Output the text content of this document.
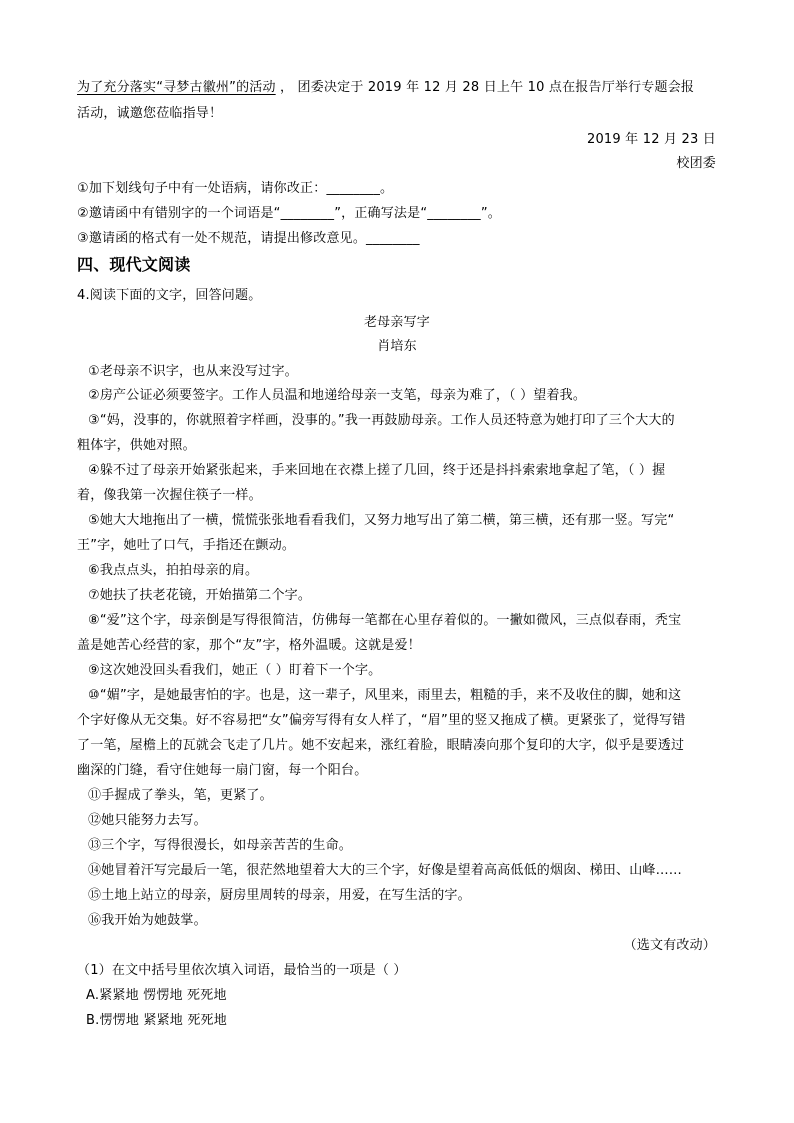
为了充分落实“寻梦古徽州”的活动 ， 团委决定于 2019 年 12 月 28 日上午 10 点在报告厅举行专题会报
活动，诚邀您莅临指导！
2019 年 12 月 23 日
校团委
①加下划线句子中有一处语病，请你改正：________。
②邀请函中有错别字的一个词语是“________”，正确写法是“________”。
③邀请函的格式有一处不规范，请提出修改意见。________
四、现代文阅读
4.阅读下面的文字，回答问题。
老母亲写字
肖培东
①老母亲不识字，也从来没写过字。
②房产公证必须要签字。工作人员温和地递给母亲一支笔，母亲为难了，（ ）望着我。
③“妈，没事的，你就照着字样画，没事的。”我一再鼓励母亲。工作人员还特意为她打印了三个大大的
粗体字，供她对照。
④躲不过了母亲开始紧张起来，手来回地在衣襟上搓了几回，终于还是抖抖索索地拿起了笔，（ ）握
着，像我第一次握住筷子一样。
⑤她大大地拖出了一横，慌慌张张地看看我们，又努力地写出了第二横，第三横，还有那一竖。写完“
王”字，她吐了口气，手指还在颤动。
⑥我点点头，拍拍母亲的肩。
⑦她扶了扶老花镜，开始描第二个字。
⑧“爱”这个字，母亲倒是写得很简洁，仿佛每一笔都在心里存着似的。一撇如微风，三点似春雨，秃宝
盖是她苦心经营的家，那个“友”字，格外温暖。这就是爱！
⑨这次她没回头看我们，她正（ ）盯着下一个字。
⑩“媚”字，是她最害怕的字。也是，这一辈子，风里来，雨里去，粗糙的手，来不及收住的脚，她和这
个字好像从无交集。好不容易把“女”偏旁写得有女人样了，“眉”里的竖又拖成了横。更紧张了，觉得写错
了一笔，屋檐上的瓦就会飞走了几片。她不安起来，涨红着脸，眼睛凑向那个复印的大字，似乎是要透过
幽深的门缝，看守住她每一扇门窗，每一个阳台。
⑪手握成了拳头，笔，更紧了。
⑫她只能努力去写。
⑬三个字，写得很漫长，如母亲苦苦的生命。
⑭她冒着汗写完最后一笔，很茫然地望着大大的三个字，好像是望着高高低低的烟囱、梯田、山峰……
⑮土地上站立的母亲，厨房里周转的母亲，用爱，在写生活的字。
⑯我开始为她鼓掌。
（选文有改动）
（1）在文中括号里依次填入词语，最恰当的一项是（ ）
A.紧紧地 愣愣地 死死地
B.愣愣地 紧紧地 死死地
